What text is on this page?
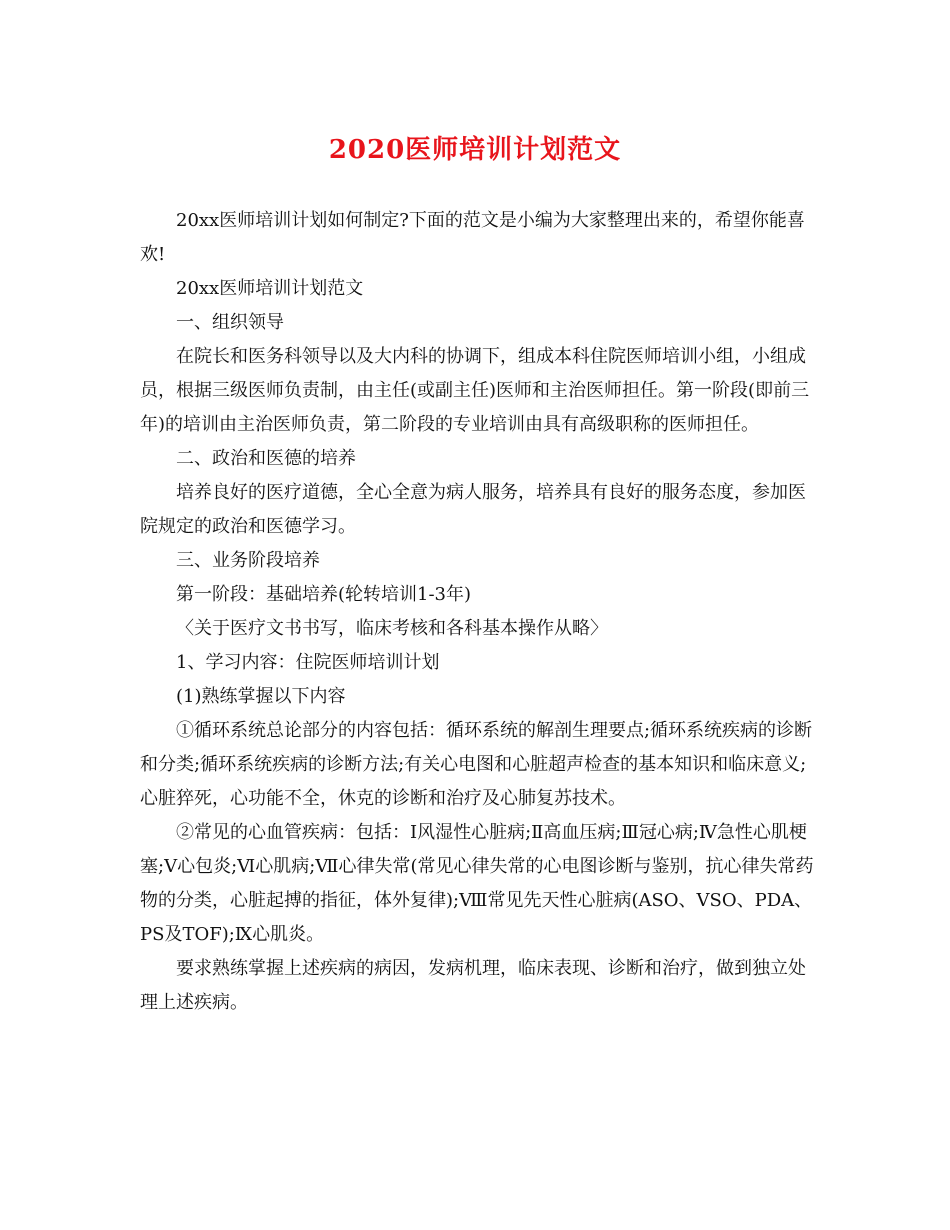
2020医师培训计划范文

20xx医师培训计划如何制定?下面的范文是小编为大家整理出来的，希望你能喜欢!

20xx医师培训计划范文

一、组织领导

在院长和医务科领导以及大内科的协调下，组成本科住院医师培训小组，小组成员，根据三级医师负责制，由主任(或副主任)医师和主治医师担任。第一阶段(即前三年)的培训由主治医师负责，第二阶段的专业培训由具有高级职称的医师担任。

二、政治和医德的培养

培养良好的医疗道德，全心全意为病人服务，培养具有良好的服务态度，参加医院规定的政治和医德学习。

三、业务阶段培养

第一阶段：基础培养(轮转培训1-3年)

〈关于医疗文书书写，临床考核和各科基本操作从略〉

1、学习内容：住院医师培训计划

(1)熟练掌握以下内容

①循环系统总论部分的内容包括：循环系统的解剖生理要点;循环系统疾病的诊断和分类;循环系统疾病的诊断方法;有关心电图和心脏超声检查的基本知识和临床意义;心脏猝死，心功能不全，休克的诊断和治疗及心肺复苏技术。

②常见的心血管疾病：包括：Ⅰ风湿性心脏病;Ⅱ高血压病;Ⅲ冠心病;Ⅳ急性心肌梗塞;Ⅴ心包炎;Ⅵ心肌病;Ⅶ心律失常(常见心律失常的心电图诊断与鉴别，抗心律失常药物的分类，心脏起搏的指征，体外复律);Ⅷ常见先天性心脏病(ASO、VSO、PDA、PS及TOF);Ⅸ心肌炎。

要求熟练掌握上述疾病的病因，发病机理，临床表现、诊断和治疗，做到独立处理上述疾病。
